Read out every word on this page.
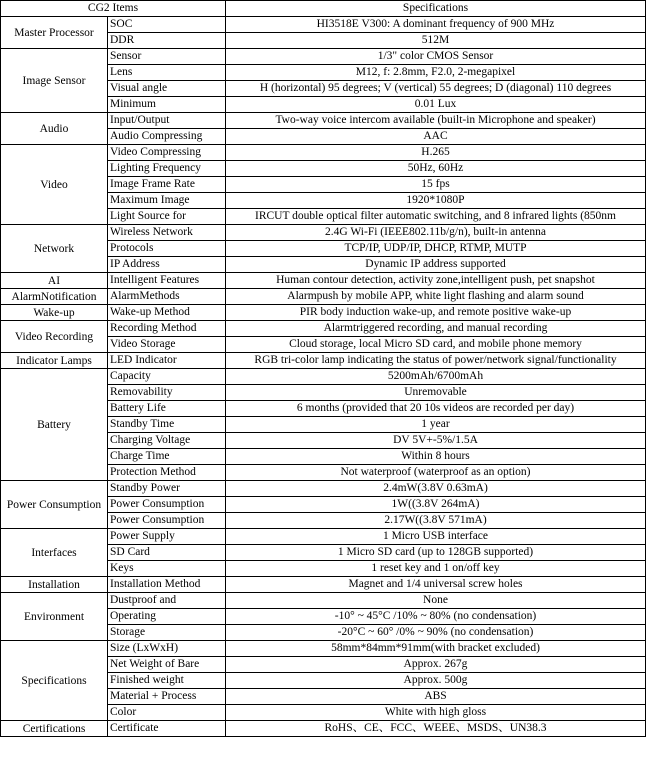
CG2 Items		Specifications
Master Processor	SOC	HI3518E V300: A dominant frequency of 900 MHz
	DDR	512M
Image Sensor	Sensor	1/3" color CMOS Sensor
	Lens	M12, f: 2.8mm, F2.0, 2-megapixel
	Visual angle	H (horizontal) 95 degrees; V (vertical) 55 degrees; D (diagonal) 110 degrees
	Minimum	0.01 Lux
Audio	Input/Output	Two-way voice intercom available (built-in Microphone and speaker)
	Audio Compressing	AAC
Video	Video Compressing	H.265
	Lighting Frequency	50Hz, 60Hz
	Image Frame Rate	15 fps
	Maximum Image	1920*1080P
	Light Source for	IRCUT double optical filter automatic switching, and 8 infrared lights (850nm
Network	Wireless Network	2.4G Wi-Fi (IEEE802.11b/g/n), built-in antenna
	Protocols	TCP/IP, UDP/IP, DHCP, RTMP, MUTP
	IP Address	Dynamic IP address supported
AI	Intelligent Features	Human contour detection, activity zone,intelligent push, pet snapshot
AlarmNotification	AlarmMethods	Alarmpush by mobile APP, white light flashing and alarm sound
Wake-up	Wake-up Method	PIR body induction wake-up, and remote positive wake-up
Video Recording	Recording Method	Alarmtriggered recording, and manual recording
	Video Storage	Cloud storage, local Micro SD card, and mobile phone memory
Indicator Lamps	LED Indicator	RGB tri-color lamp indicating the status of power/network signal/functionality
Battery	Capacity	5200mAh/6700mAh
	Removability	Unremovable
	Battery Life	6 months (provided that 20 10s videos are recorded per day)
	Standby Time	1 year
	Charging Voltage	DV 5V+-5%/1.5A
	Charge Time	Within 8 hours
	Protection Method	Not waterproof (waterproof as an option)
Power Consumption	Standby Power	2.4mW(3.8V 0.63mA)
	Power Consumption	1W((3.8V 264mA)
	Power Consumption	2.17W((3.8V 571mA)
Interfaces	Power Supply	1 Micro USB interface
	SD Card	1 Micro SD card (up to 128GB supported)
	Keys	1 reset key and 1 on/off key
Installation	Installation Method	Magnet and 1/4 universal screw holes
Environment	Dustproof and	None
	Operating	-10° ~ 45°C /10% ~ 80% (no condensation)
	Storage	-20°C ~ 60° /0% ~ 90% (no condensation)
Specifications	Size (LxWxH)	58mm*84mm*91mm(with bracket excluded)
	Net Weight of Bare	Approx. 267g
	Finished weight	Approx. 500g
	Material + Process	ABS
	Color	White with high gloss
Certifications	Certificate	RoHS、CE、FCC、WEEE、MSDS、UN38.3
